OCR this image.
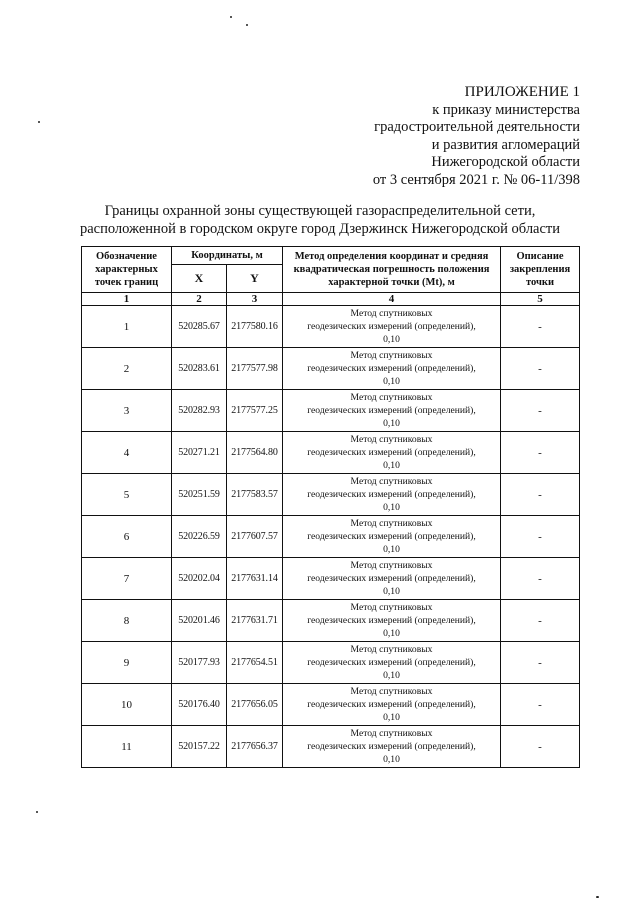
ПРИЛОЖЕНИЕ 1
к приказу министерства
градостроительной деятельности
и развития агломераций
Нижегородской области
от 3 сентября 2021 г. № 06-11/398
Границы охранной зоны существующей газораспределительной сети,
расположенной в городском округе город Дзержинск Нижегородской области
Обозначение характерных точек границ	Координаты, м		Метод определения координат и средняя квадратическая погрешность положения характерной точки (Mt), м	Описание закрепления точки
	X	Y		
1	2	3	4	5
1	520285.67	2177580.16	Метод спутниковых
геодезических измерений (определений),
0,10	-
2	520283.61	2177577.98	Метод спутниковых
геодезических измерений (определений),
0,10	-
3	520282.93	2177577.25	Метод спутниковых
геодезических измерений (определений),
0,10	-
4	520271.21	2177564.80	Метод спутниковых
геодезических измерений (определений),
0,10	-
5	520251.59	2177583.57	Метод спутниковых
геодезических измерений (определений),
0,10	-
6	520226.59	2177607.57	Метод спутниковых
геодезических измерений (определений),
0,10	-
7	520202.04	2177631.14	Метод спутниковых
геодезических измерений (определений),
0,10	-
8	520201.46	2177631.71	Метод спутниковых
геодезических измерений (определений),
0,10	-
9	520177.93	2177654.51	Метод спутниковых
геодезических измерений (определений),
0,10	-
10	520176.40	2177656.05	Метод спутниковых
геодезических измерений (определений),
0,10	-
11	520157.22	2177656.37	Метод спутниковых
геодезических измерений (определений),
0,10	-
